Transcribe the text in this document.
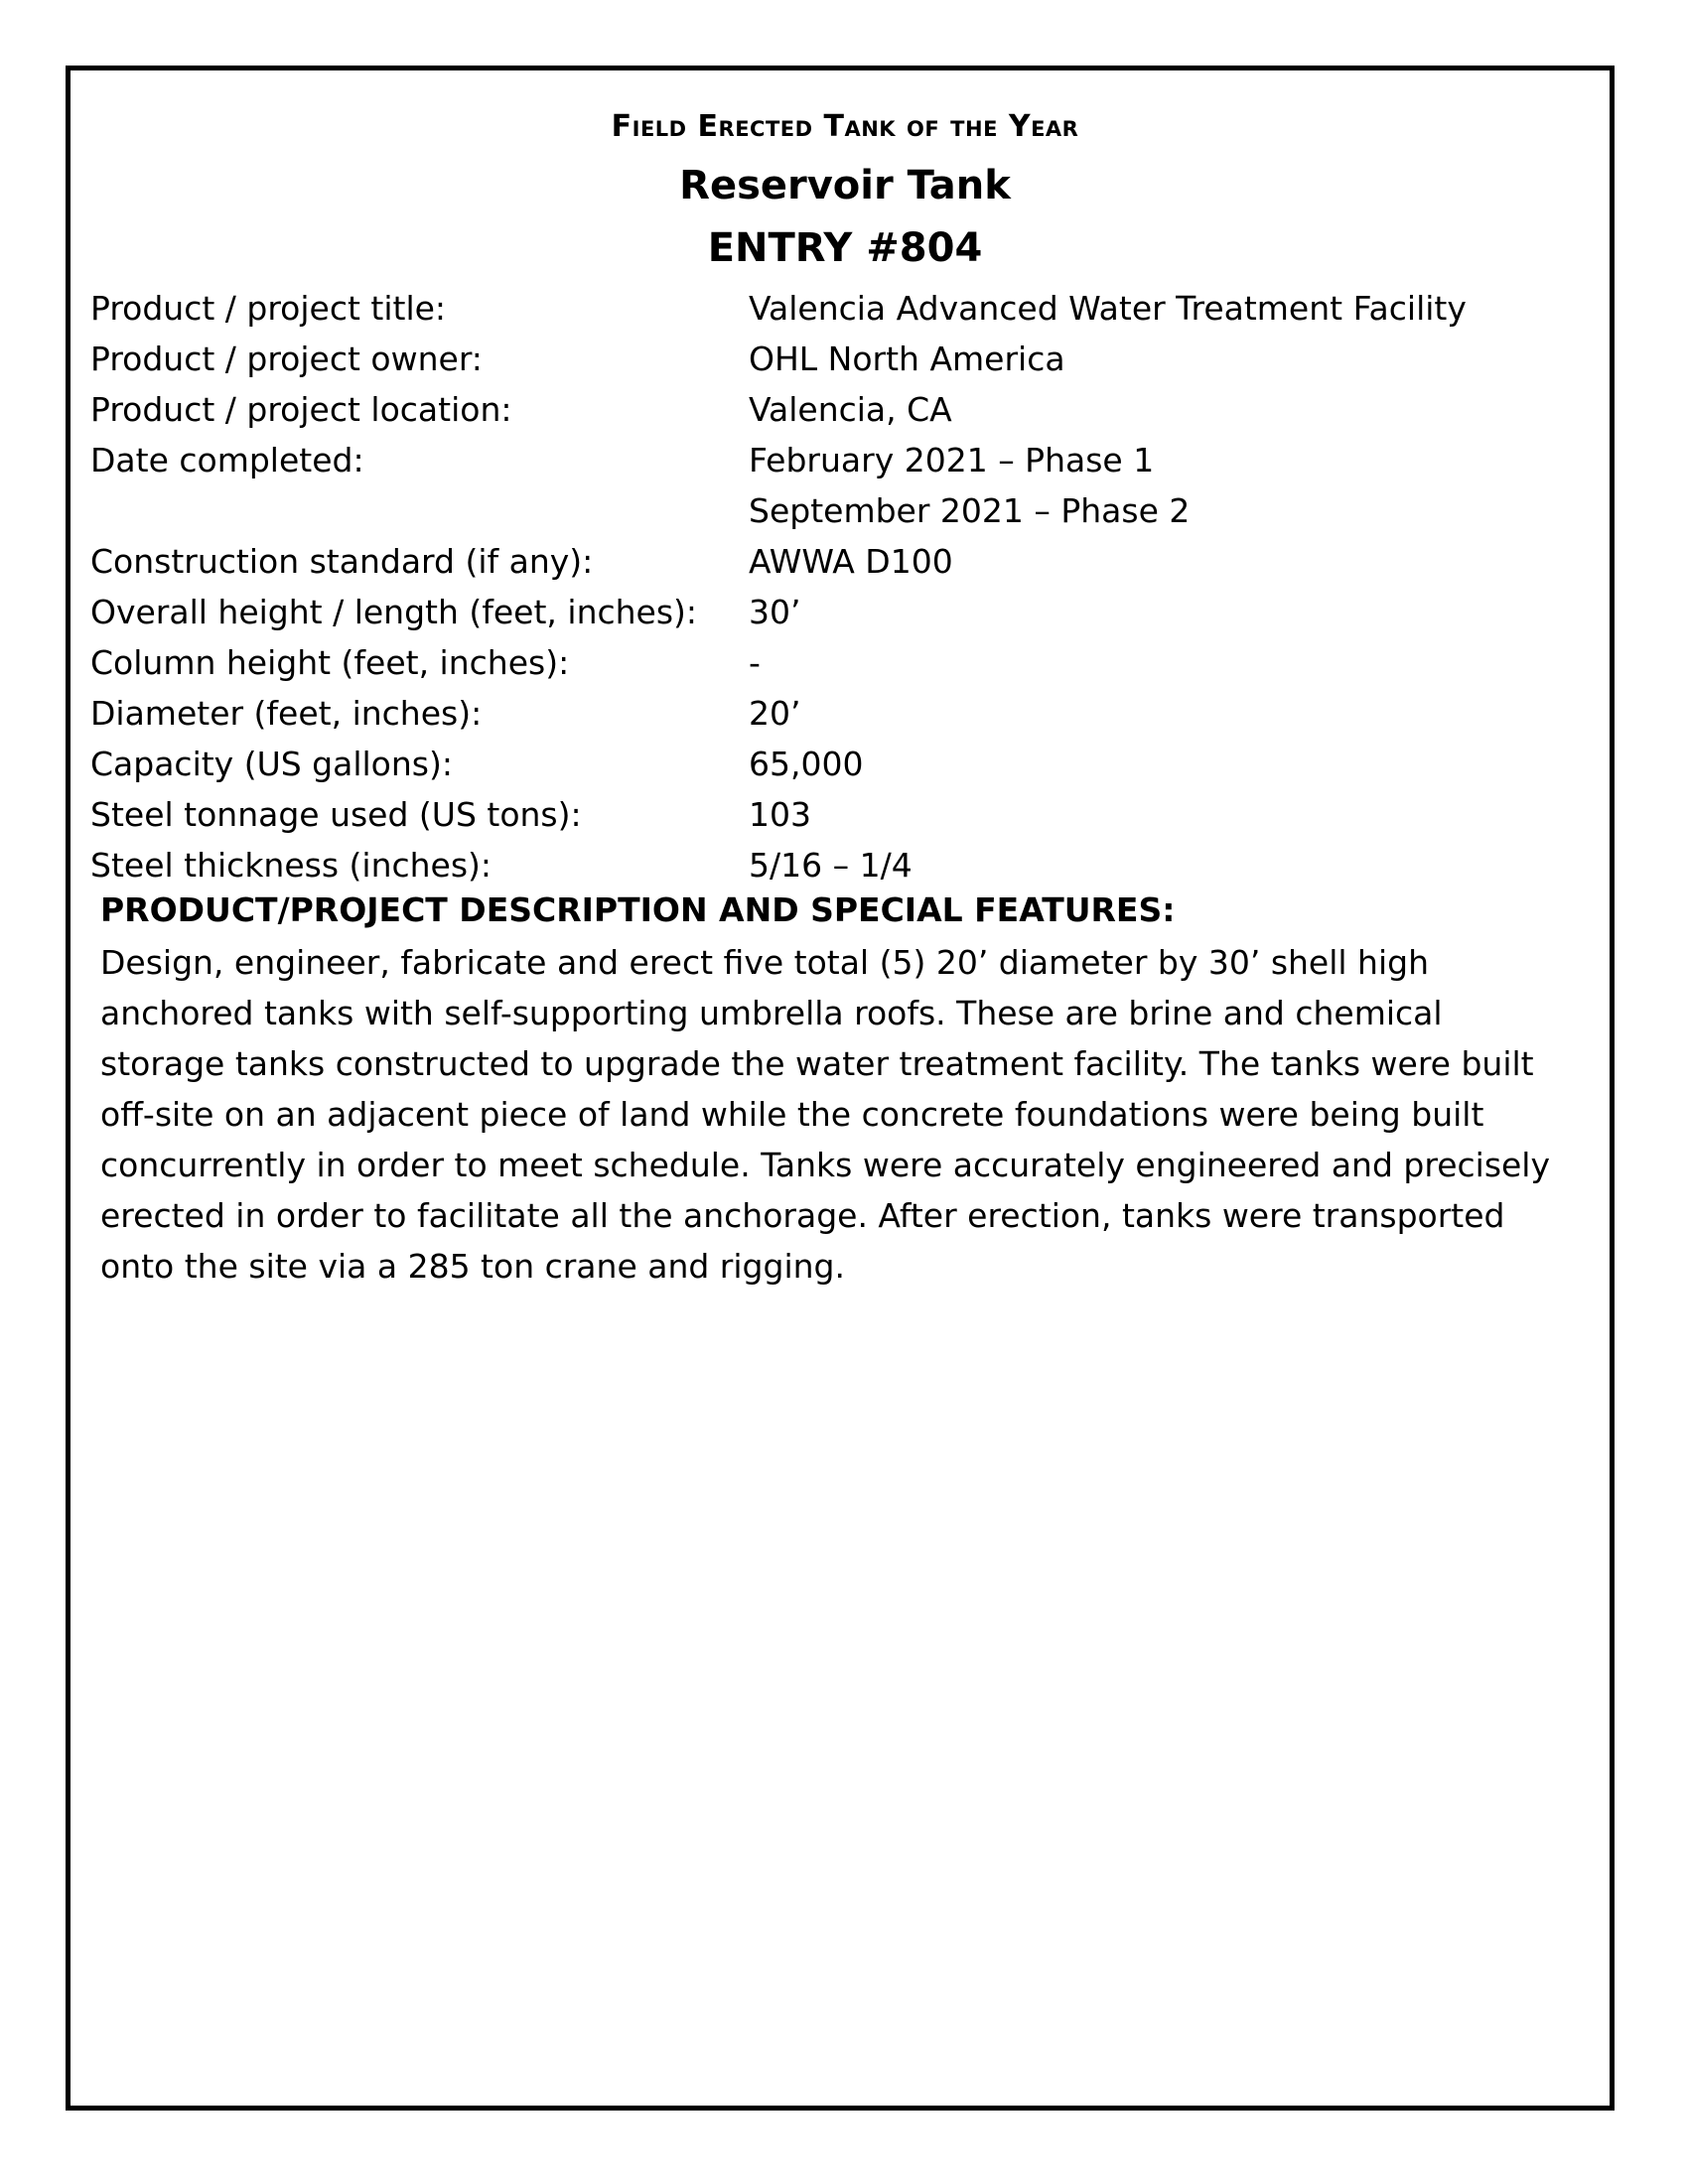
Field Erected Tank of the Year
Reservoir Tank
ENTRY #804
Product / project title:	Valencia Advanced Water Treatment Facility
Product / project owner:	OHL North America
Product / project location:	Valencia, CA
Date completed:	February 2021 – Phase 1
September 2021 – Phase 2
Construction standard (if any):	AWWA D100
Overall height / length (feet, inches):	30’
Column height (feet, inches):	-
Diameter (feet, inches):	20’
Capacity (US gallons):	65,000
Steel tonnage used (US tons):	103
Steel thickness (inches):	5/16 – 1/4
PRODUCT/PROJECT DESCRIPTION AND SPECIAL FEATURES:
Design, engineer, fabricate and erect five total (5) 20’ diameter by 30’ shell high
anchored tanks with self-supporting umbrella roofs. These are brine and chemical
storage tanks constructed to upgrade the water treatment facility. The tanks were built
off-site on an adjacent piece of land while the concrete foundations were being built
concurrently in order to meet schedule. Tanks were accurately engineered and precisely
erected in order to facilitate all the anchorage. After erection, tanks were transported
onto the site via a 285 ton crane and rigging.
